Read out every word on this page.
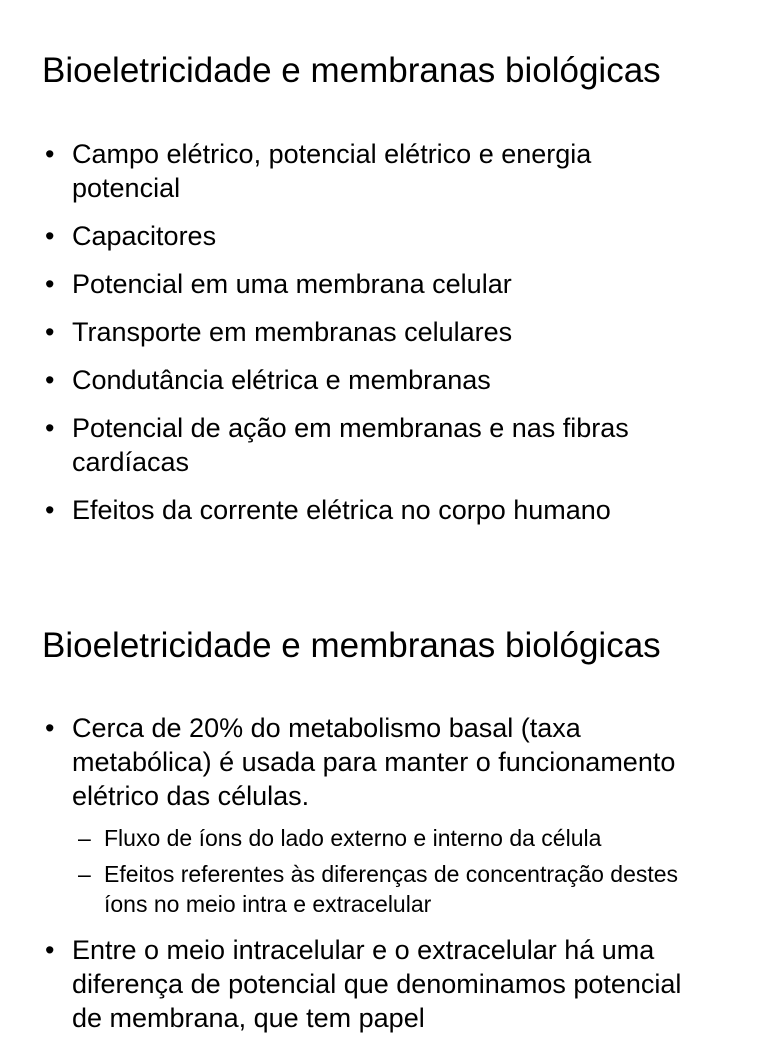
Bioeletricidade e membranas biológicas
• Campo elétrico, potencial elétrico e energia potencial
• Capacitores
• Potencial em uma membrana celular
• Transporte em membranas celulares
• Condutância elétrica e membranas
• Potencial de ação em membranas e nas fibras cardíacas
• Efeitos da corrente elétrica no corpo humano
Bioeletricidade e membranas biológicas
• Cerca de 20% do metabolismo basal (taxa metabólica) é usada para manter o funcionamento elétrico das células.
– Fluxo de íons do lado externo e interno da célula
– Efeitos referentes às diferenças de concentração destes íons no meio intra e extracelular
• Entre o meio intracelular e o extracelular há uma diferença de potencial que denominamos potencial de membrana, que tem papel
